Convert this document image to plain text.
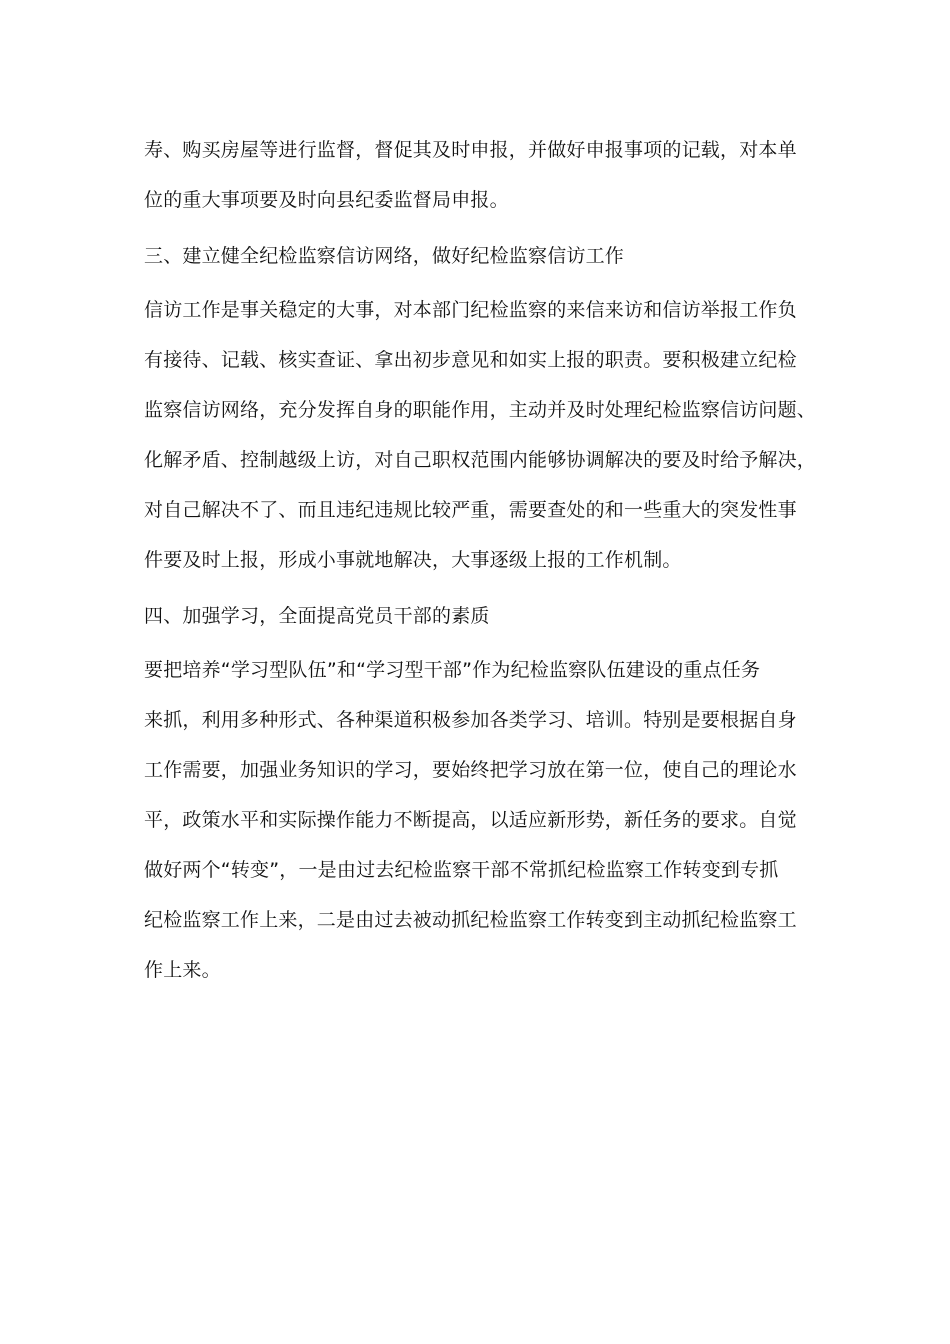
寿、购买房屋等进行监督，督促其及时申报，并做好申报事项的记载，对本单
位的重大事项要及时向县纪委监督局申报。
三、建立健全纪检监察信访网络，做好纪检监察信访工作
信访工作是事关稳定的大事，对本部门纪检监察的来信来访和信访举报工作负
有接待、记载、核实查证、拿出初步意见和如实上报的职责。要积极建立纪检
监察信访网络，充分发挥自身的职能作用，主动并及时处理纪检监察信访问题、
化解矛盾、控制越级上访，对自己职权范围内能够协调解决的要及时给予解决，
对自己解决不了、而且违纪违规比较严重，需要查处的和一些重大的突发性事
件要及时上报，形成小事就地解决，大事逐级上报的工作机制。
四、加强学习，全面提高党员干部的素质
要把培养“学习型队伍”和“学习型干部”作为纪检监察队伍建设的重点任务
来抓，利用多种形式、各种渠道积极参加各类学习、培训。特别是要根据自身
工作需要，加强业务知识的学习，要始终把学习放在第一位，使自己的理论水
平，政策水平和实际操作能力不断提高，以适应新形势，新任务的要求。自觉
做好两个“转变”，一是由过去纪检监察干部不常抓纪检监察工作转变到专抓
纪检监察工作上来，二是由过去被动抓纪检监察工作转变到主动抓纪检监察工
作上来。
